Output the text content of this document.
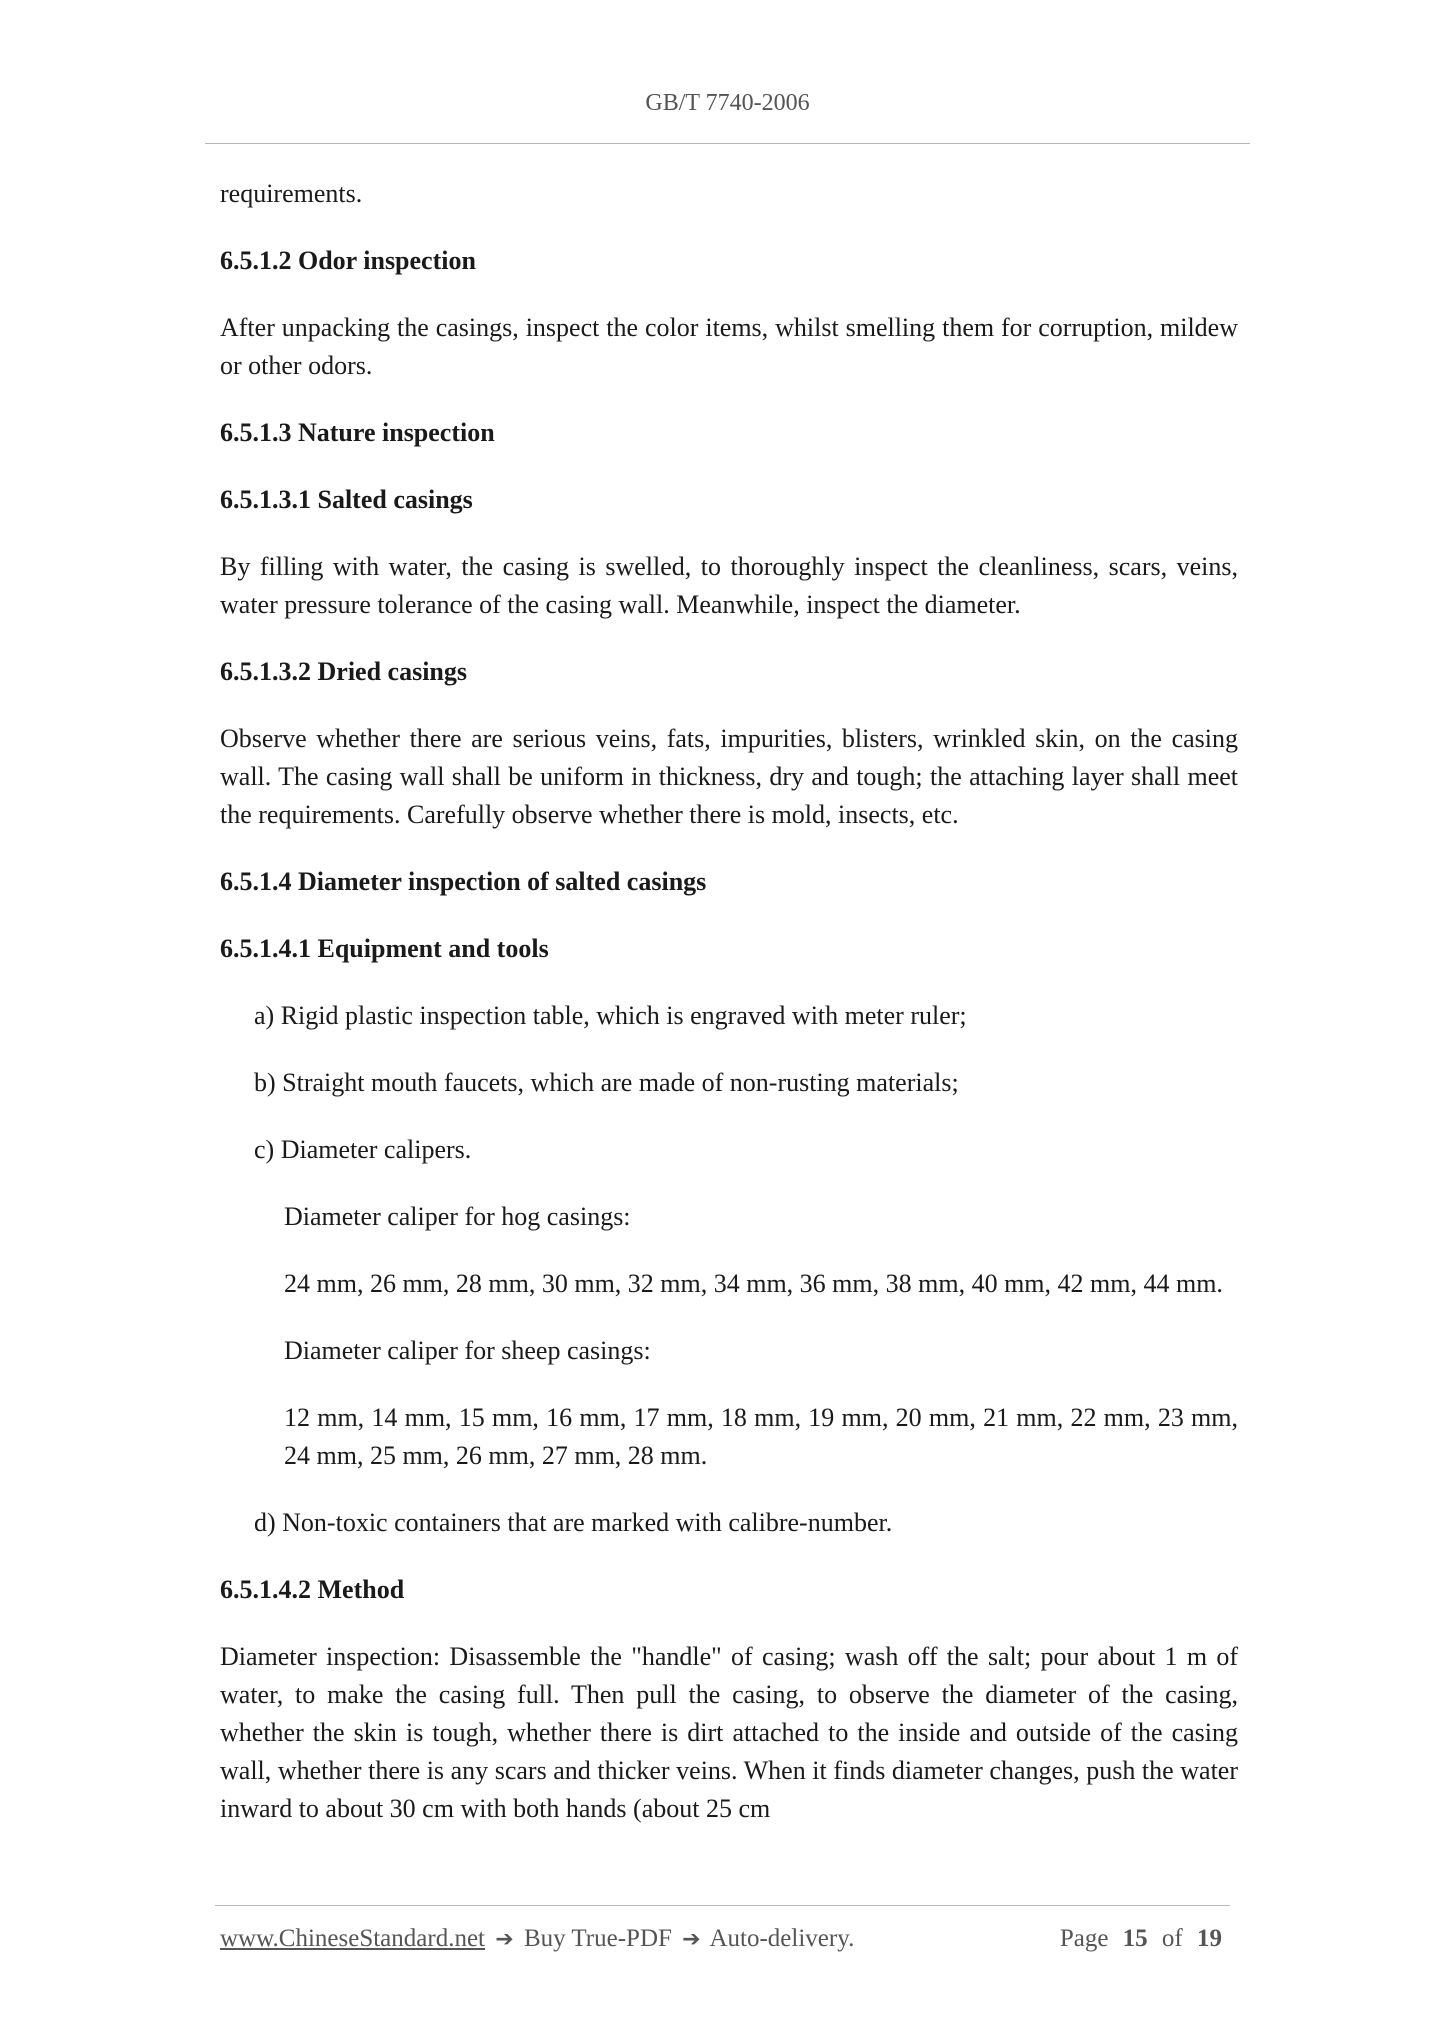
GB/T 7740-2006

requirements.

6.5.1.2 Odor inspection

After unpacking the casings, inspect the color items, whilst smelling them for corruption, mildew or other odors.

6.5.1.3 Nature inspection

6.5.1.3.1 Salted casings

By filling with water, the casing is swelled, to thoroughly inspect the cleanliness, scars, veins, water pressure tolerance of the casing wall. Meanwhile, inspect the diameter.

6.5.1.3.2 Dried casings

Observe whether there are serious veins, fats, impurities, blisters, wrinkled skin, on the casing wall. The casing wall shall be uniform in thickness, dry and tough; the attaching layer shall meet the requirements. Carefully observe whether there is mold, insects, etc.

6.5.1.4 Diameter inspection of salted casings

6.5.1.4.1 Equipment and tools

a) Rigid plastic inspection table, which is engraved with meter ruler;

b) Straight mouth faucets, which are made of non-rusting materials;

c) Diameter calipers.

Diameter caliper for hog casings:

24 mm, 26 mm, 28 mm, 30 mm, 32 mm, 34 mm, 36 mm, 38 mm, 40 mm, 42 mm, 44 mm.

Diameter caliper for sheep casings:

12 mm, 14 mm, 15 mm, 16 mm, 17 mm, 18 mm, 19 mm, 20 mm, 21 mm, 22 mm, 23 mm, 24 mm, 25 mm, 26 mm, 27 mm, 28 mm.

d) Non-toxic containers that are marked with calibre-number.

6.5.1.4.2 Method

Diameter inspection: Disassemble the "handle" of casing; wash off the salt; pour about 1 m of water, to make the casing full. Then pull the casing, to observe the diameter of the casing, whether the skin is tough, whether there is dirt attached to the inside and outside of the casing wall, whether there is any scars and thicker veins. When it finds diameter changes, push the water inward to about 30 cm with both hands (about 25 cm

www.ChineseStandard.net ➔ Buy True-PDF ➔ Auto-delivery.	Page 15 of 19
